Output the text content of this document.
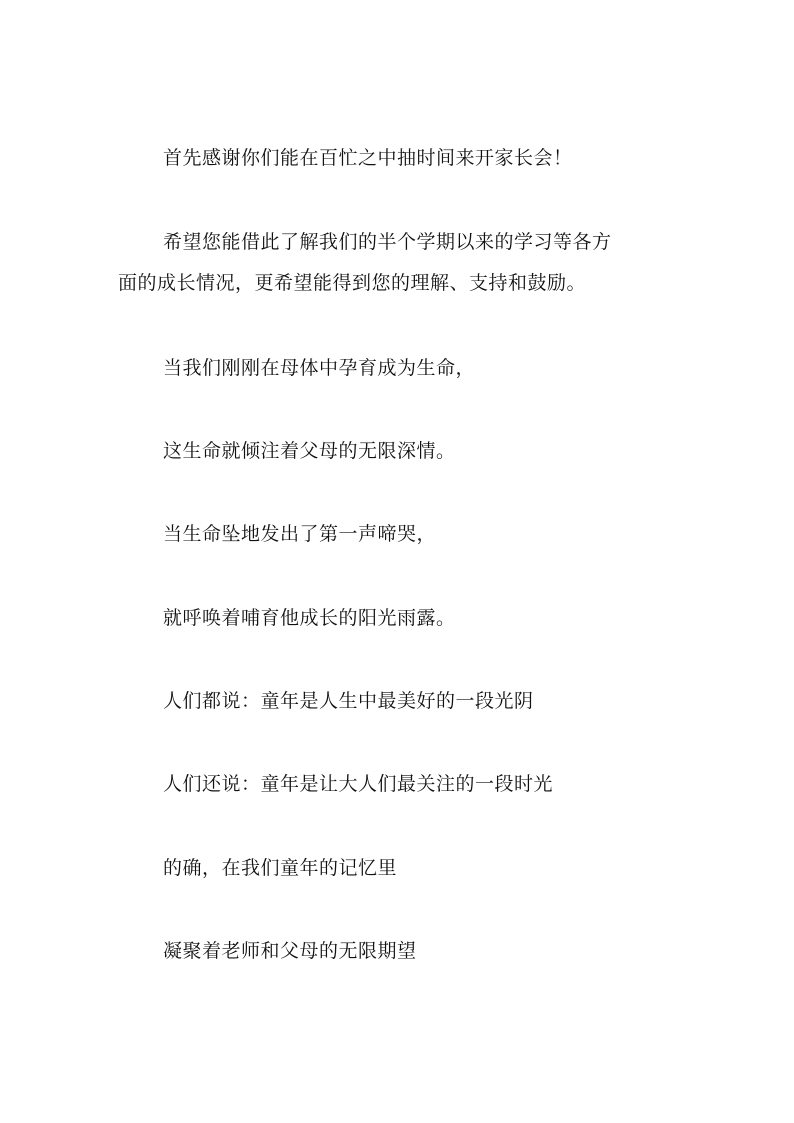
首先感谢你们能在百忙之中抽时间来开家长会！
希望您能借此了解我们的半个学期以来的学习等各方
面的成长情况，更希望能得到您的理解、支持和鼓励。
当我们刚刚在母体中孕育成为生命，
这生命就倾注着父母的无限深情。
当生命坠地发出了第一声啼哭，
就呼唤着哺育他成长的阳光雨露。
人们都说：童年是人生中最美好的一段光阴
人们还说：童年是让大人们最关注的一段时光
的确，在我们童年的记忆里
凝聚着老师和父母的无限期望
